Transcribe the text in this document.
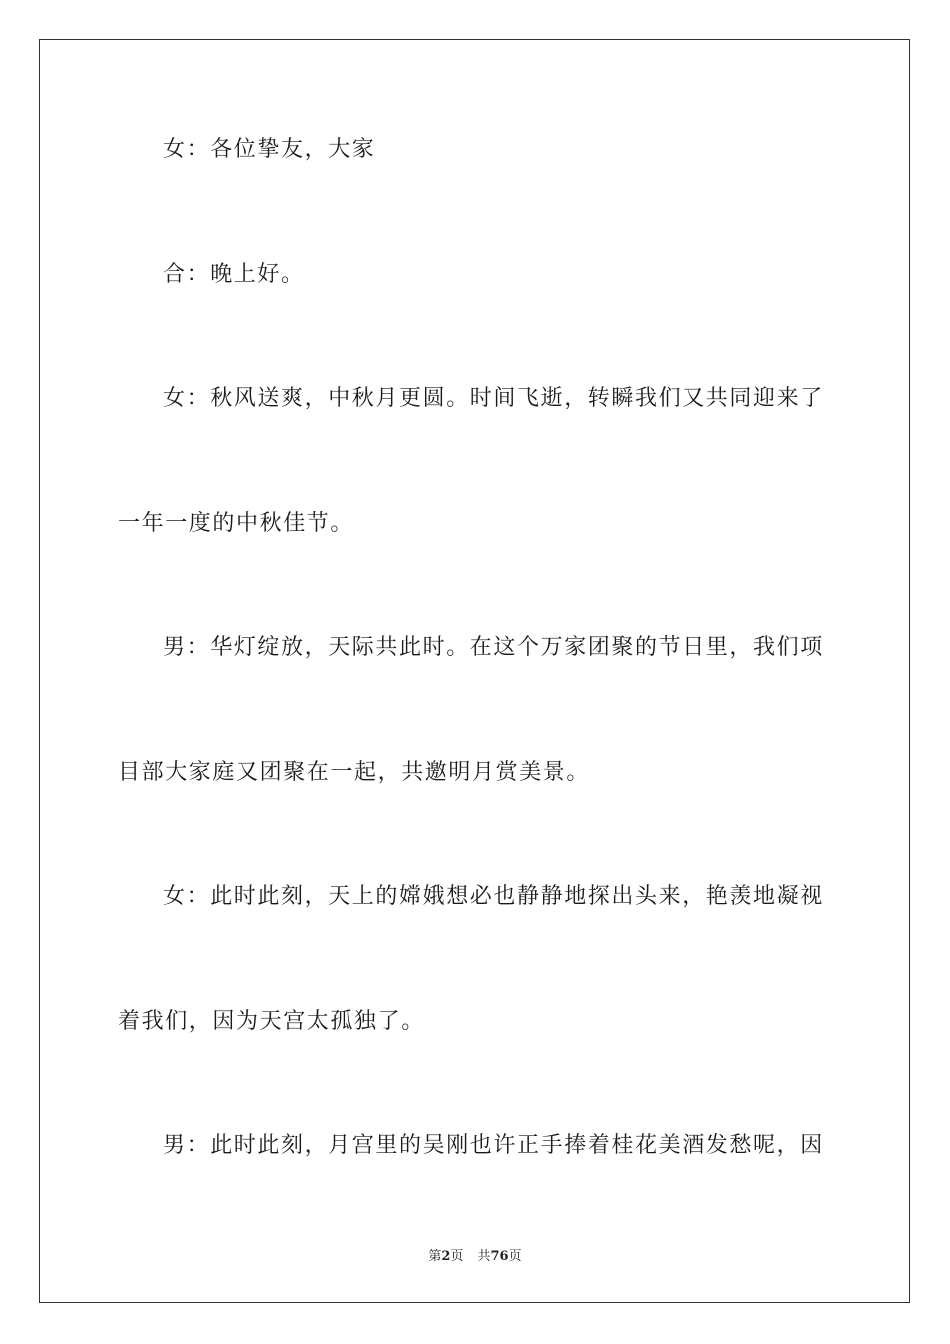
女：各位挚友，大家
合：晚上好。
女：秋风送爽，中秋月更圆。时间飞逝，转瞬我们又共同迎来了
一年一度的中秋佳节。
男：华灯绽放，天际共此时。在这个万家团聚的节日里，我们项
目部大家庭又团聚在一起，共邀明月赏美景。
女：此时此刻，天上的嫦娥想必也静静地探出头来，艳羡地凝视
着我们，因为天宫太孤独了。
男：此时此刻，月宫里的吴刚也许正手捧着桂花美酒发愁呢，因
第2页 共76页
